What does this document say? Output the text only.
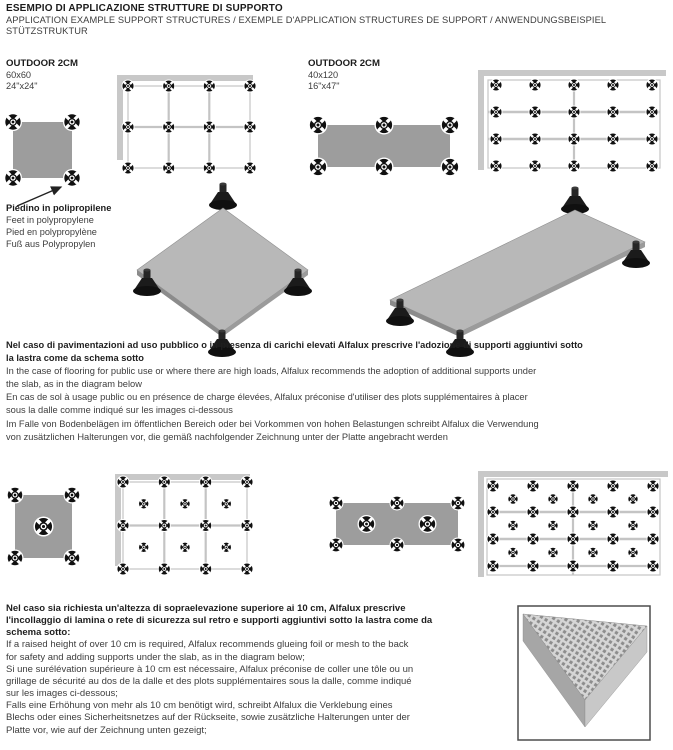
ESEMPIO DI APPLICAZIONE STRUTTURE DI SUPPORTO
APPLICATION EXAMPLE SUPPORT STRUCTURES / EXEMPLE D'APPLICATION STRUCTURES DE SUPPORT / ANWENDUNGSBEISPIEL
STÜTZSTRUKTUR
OUTDOOR 2CM
60x60
24"x24"
OUTDOOR 2CM
40x120
16"x47"
Piedino in polipropilene
Feet in polypropylene
Pied en polypropylène
Fuß aus Polypropylen
Nel caso di pavimentazioni ad uso pubblico o in presenza di carichi elevati Alfalux prescrive l'adozione di supporti aggiuntivi sotto
la lastra come da schema sotto
In the case of flooring for public use or where there are high loads, Alfalux recommends the adoption of additional supports under
the slab, as in the diagram below
En cas de sol à usage public ou en présence de charge élevées, Alfalux préconise d'utiliser des plots supplémentaires à placer
sous la dalle comme indiqué sur les images ci-dessous
Im Falle von Bodenbelägen im öffentlichen Bereich oder bei Vorkommen von hohen Belastungen schreibt Alfalux die Verwendung
von zusätzlichen Halterungen vor, die gemäß nachfolgender Zeichnung unter der Platte angebracht werden
Nel caso sia richiesta un'altezza di sopraelevazione superiore ai 10 cm, Alfalux prescrive
l'incollaggio di lamina o rete di sicurezza sul retro e supporti aggiuntivi sotto la lastra come da
schema sotto:
If a raised height of over 10 cm is required, Alfalux recommends glueing foil or mesh to the back
for safety and adding supports under the slab, as in the diagram below;
Si une surélévation supérieure à 10 cm est nécessaire, Alfalux préconise de coller une tôle ou un
grillage de sécurité au dos de la dalle et des plots supplémentaires sous la dalle, comme indiqué
sur les images ci-dessous;
Falls eine Erhöhung von mehr als 10 cm benötigt wird, schreibt Alfalux die Verklebung eines
Blechs oder eines Sicherheitsnetzes auf der Rückseite, sowie zusätzliche Halterungen unter der
Platte vor, wie auf der Zeichnung unten gezeigt;
